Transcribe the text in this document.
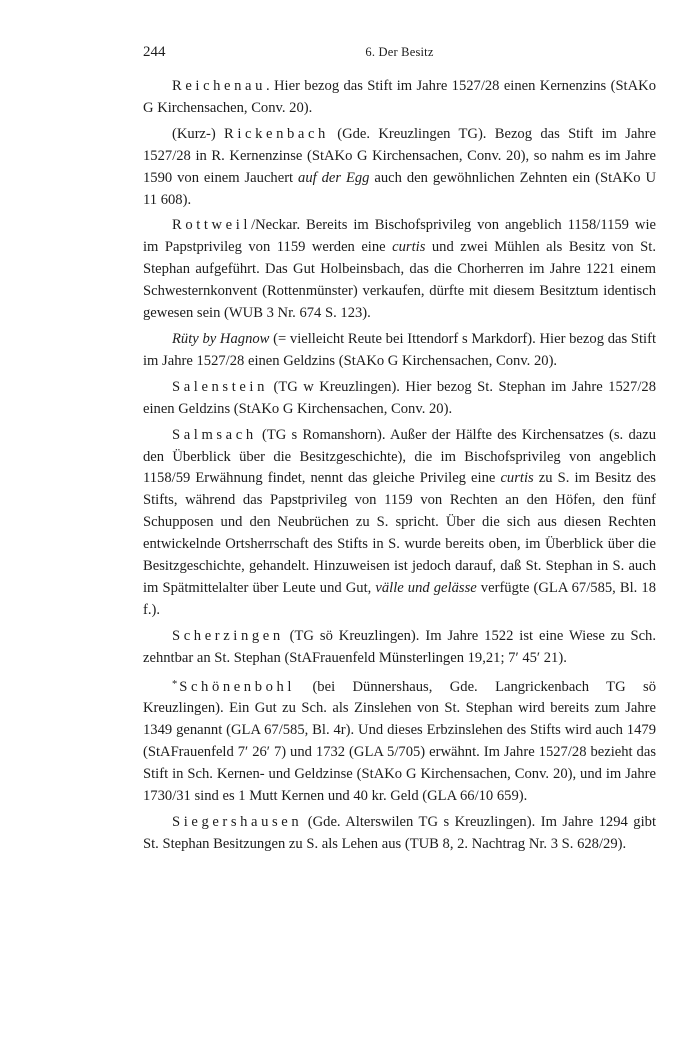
244	6. Der Besitz

Reichenau. Hier bezog das Stift im Jahre 1527/28 einen Kernenzins (StAKo G Kirchensachen, Conv. 20).

(Kurz-) Rickenbach (Gde. Kreuzlingen TG). Bezog das Stift im Jahre 1527/28 in R. Kernenzinse (StAKo G Kirchensachen, Conv. 20), so nahm es im Jahre 1590 von einem Jauchert auf der Egg auch den gewöhnlichen Zehnten ein (StAKo U 11 608).

Rottweil/Neckar. Bereits im Bischofsprivileg von angeblich 1158/1159 wie im Papstprivileg von 1159 werden eine curtis und zwei Mühlen als Besitz von St. Stephan aufgeführt. Das Gut Holbeinsbach, das die Chorherren im Jahre 1221 einem Schwesternkonvent (Rottenmünster) verkaufen, dürfte mit diesem Besitztum identisch gewesen sein (WUB 3 Nr. 674 S. 123).

Rüty by Hagnow (= vielleicht Reute bei Ittendorf s Markdorf). Hier bezog das Stift im Jahre 1527/28 einen Geldzins (StAKo G Kirchensachen, Conv. 20).

Salenstein (TG w Kreuzlingen). Hier bezog St. Stephan im Jahre 1527/28 einen Geldzins (StAKo G Kirchensachen, Conv. 20).

Salmsach (TG s Romanshorn). Außer der Hälfte des Kirchensatzes (s. dazu den Überblick über die Besitzgeschichte), die im Bischofsprivileg von angeblich 1158/59 Erwähnung findet, nennt das gleiche Privileg eine curtis zu S. im Besitz des Stifts, während das Papstprivileg von 1159 von Rechten an den Höfen, den fünf Schupposen und den Neubrüchen zu S. spricht. Über die sich aus diesen Rechten entwickelnde Ortsherrschaft des Stifts in S. wurde bereits oben, im Überblick über die Besitzgeschichte, gehandelt. Hinzuweisen ist jedoch darauf, daß St. Stephan in S. auch im Spätmittelalter über Leute und Gut, välle und gelässe verfügte (GLA 67/585, Bl. 18 f.).

Scherzingen (TG sö Kreuzlingen). Im Jahre 1522 ist eine Wiese zu Sch. zehntbar an St. Stephan (StAFrauenfeld Münsterlingen 19,21; 7′ 45′ 21).

* Schönenbohl (bei Dünnershaus, Gde. Langrickenbach TG sö Kreuzlingen). Ein Gut zu Sch. als Zinslehen von St. Stephan wird bereits zum Jahre 1349 genannt (GLA 67/585, Bl. 4r). Und dieses Erbzinslehen des Stifts wird auch 1479 (StAFrauenfeld 7′ 26′ 7) und 1732 (GLA 5/705) erwähnt. Im Jahre 1527/28 bezieht das Stift in Sch. Kernen- und Geldzinse (StAKo G Kirchensachen, Conv. 20), und im Jahre 1730/31 sind es 1 Mutt Kernen und 40 kr. Geld (GLA 66/10 659).

Siegershausen (Gde. Alterswilen TG s Kreuzlingen). Im Jahre 1294 gibt St. Stephan Besitzungen zu S. als Lehen aus (TUB 8, 2. Nachtrag Nr. 3 S. 628/29).
